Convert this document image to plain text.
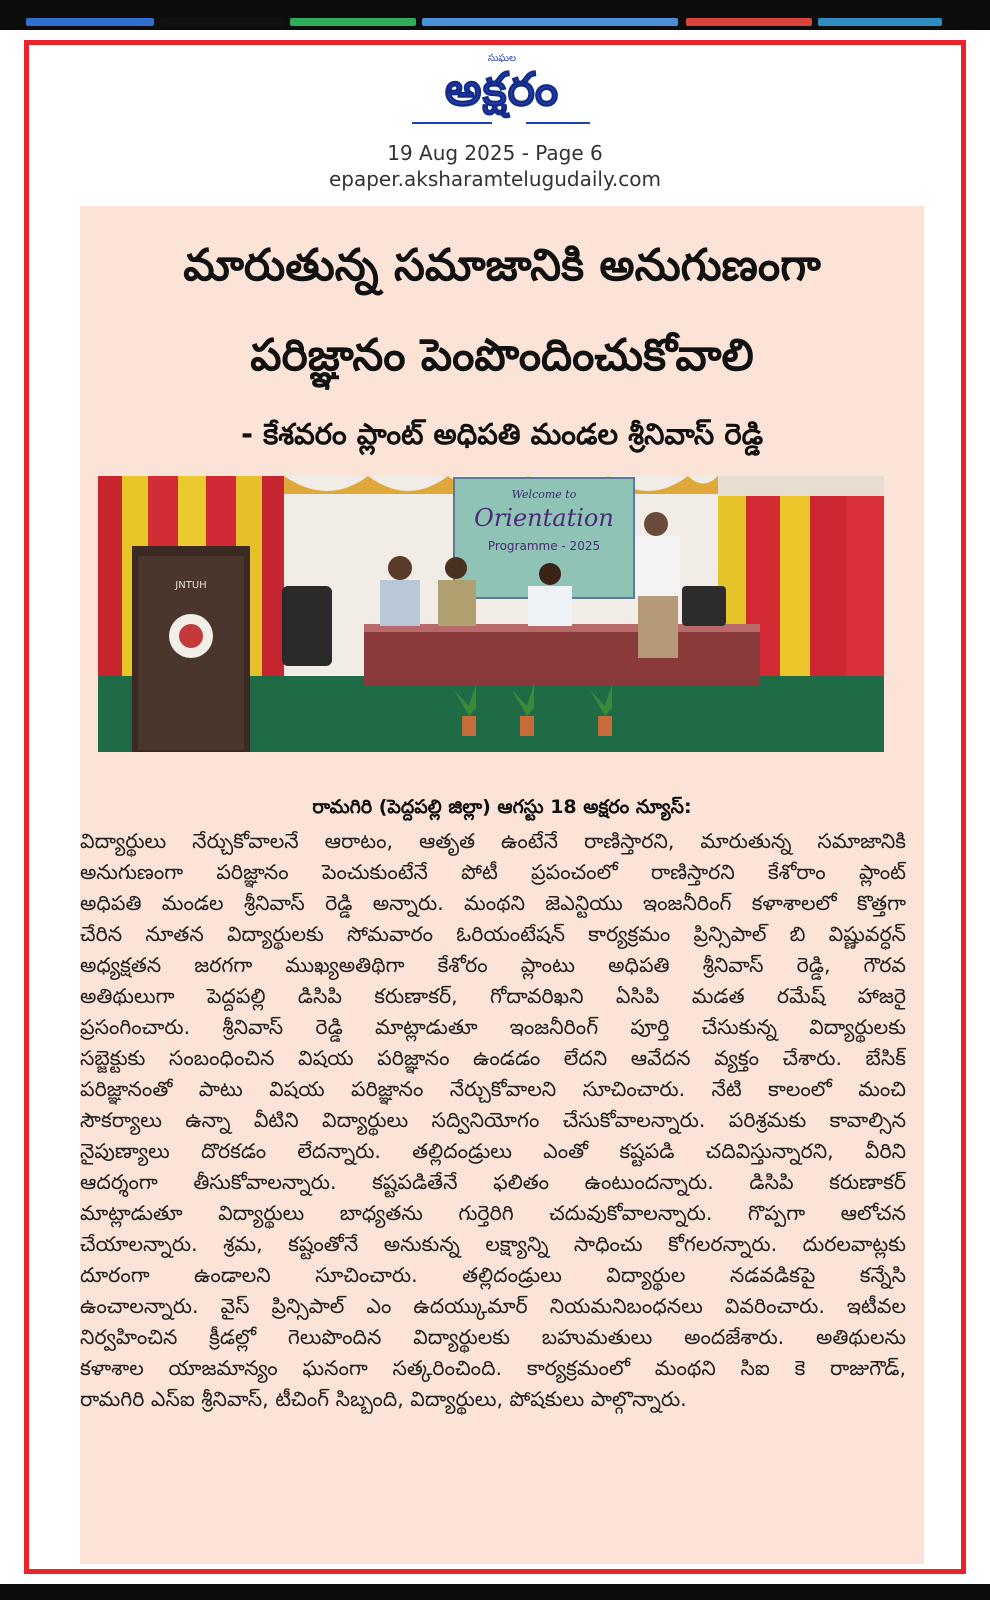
సుఘల
అక్షరం
19 Aug 2025 - Page 6
epaper.aksharamtelugudaily.com
మారుతున్న సమాజానికి అనుగుణంగా
పరిజ్ఞానం పెంపొందించుకోవాలి
- కేశవరం ప్లాంట్ అధిపతి మండల శ్రీనివాస్ రెడ్డి
Welcome to
Orientation
Programme - 2025
JNTUH
రామగిరి (పెద్దపల్లి జిల్లా) ఆగస్టు 18 అక్షరం న్యూస్:
విద్యార్థులు నేర్చుకోవాలనే ఆరాటం, ఆతృత ఉంటేనే రాణిస్తారని, మారుతున్న సమాజానికి
అనుగుణంగా పరిజ్ఞానం పెంచుకుంటేనే పోటీ ప్రపంచంలో రాణిస్తారని కేశోరాం ప్లాంట్
అధిపతి మండల శ్రీనివాస్ రెడ్డి అన్నారు. మంథని జెఎన్టియు ఇంజనీరింగ్ కళాశాలలో కొత్తగా
చేరిన నూతన విద్యార్థులకు సోమవారం ఓరియంటేషన్ కార్యక్రమం ప్రిన్సిపాల్ బి విష్ణువర్ధన్
అధ్యక్షతన జరగగా ముఖ్యఅతిథిగా కేశోరం ప్లాంటు అధిపతి శ్రీనివాస్ రెడ్డి, గౌరవ
అతిథులుగా పెద్దపల్లి డిసిపి కరుణాకర్, గోదావరిఖని ఏసిపి మడత రమేష్ హాజరై
ప్రసంగించారు. శ్రీనివాస్ రెడ్డి మాట్లాడుతూ ఇంజనీరింగ్ పూర్తి చేసుకున్న విద్యార్థులకు
సబ్జెక్టుకు సంబంధించిన విషయ పరిజ్ఞానం ఉండడం లేదని ఆవేదన వ్యక్తం చేశారు. బేసిక్
పరిజ్ఞానంతో పాటు విషయ పరిజ్ఞానం నేర్చుకోవాలని సూచించారు. నేటి కాలంలో మంచి
సౌకర్యాలు ఉన్నా వీటిని విద్యార్థులు సద్వినియోగం చేసుకోవాలన్నారు. పరిశ్రమకు కావాల్సిన
నైపుణ్యాలు దొరకడం లేదన్నారు. తల్లిదండ్రులు ఎంతో కష్టపడి చదివిస్తున్నారని, వీరిని
ఆదర్శంగా తీసుకోవాలన్నారు. కష్టపడితేనే ఫలితం ఉంటుందన్నారు. డిసిపి కరుణాకర్
మాట్లాడుతూ విద్యార్థులు బాధ్యతను గుర్తెరిగి చదువుకోవాలన్నారు. గొప్పగా ఆలోచన
చేయాలన్నారు. శ్రమ, కష్టంతోనే అనుకున్న లక్ష్యాన్ని సాధించు కోగలరన్నారు. దురలవాట్లకు
దూరంగా ఉండాలని సూచించారు. తల్లిదండ్రులు విద్యార్థుల నడవడికపై కన్నేసి
ఉంచాలన్నారు. వైస్ ప్రిన్సిపాల్ ఎం ఉదయ్కుమార్ నియమనిబంధనలు వివరించారు. ఇటీవల
నిర్వహించిన క్రీడల్లో గెలుపొందిన విద్యార్థులకు బహుమతులు అందజేశారు. అతిథులను
కళాశాల యాజమాన్యం ఘనంగా సత్కరించింది. కార్యక్రమంలో మంథని సిఐ కె రాజుగౌడ్,
రామగిరి ఎస్ఐ శ్రీనివాస్, టీచింగ్ సిబ్బంది, విద్యార్థులు, పోషకులు పాల్గొన్నారు.
